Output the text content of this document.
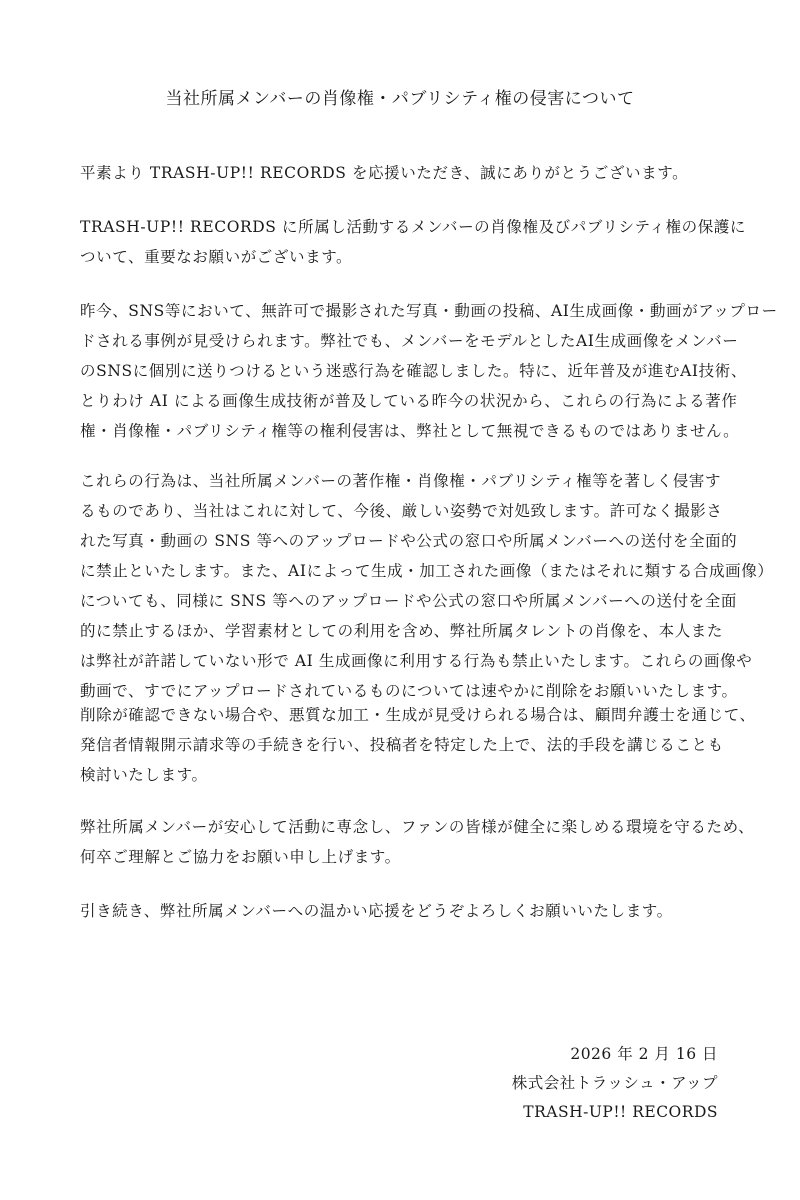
当社所属メンバーの肖像権・パブリシティ権の侵害について

平素より TRASH-UP!! RECORDS を応援いただき、誠にありがとうございます。

TRASH-UP!! RECORDS に所属し活動するメンバーの肖像権及びパブリシティ権の保護に
ついて、重要なお願いがございます。

昨今、SNS等において、無許可で撮影された写真・動画の投稿、AI生成画像・動画がアップロー
ドされる事例が見受けられます。弊社でも、メンバーをモデルとしたAI生成画像をメンバー
のSNSに個別に送りつけるという迷惑行為を確認しました。特に、近年普及が進むAI技術、
とりわけ AI による画像生成技術が普及している昨今の状況から、これらの行為による著作
権・肖像権・パブリシティ権等の権利侵害は、弊社として無視できるものではありません。

これらの行為は、当社所属メンバーの著作権・肖像権・パブリシティ権等を著しく侵害す
るものであり、当社はこれに対して、今後、厳しい姿勢で対処致します。許可なく撮影さ
れた写真・動画の SNS 等へのアップロードや公式の窓口や所属メンバーへの送付を全面的
に禁止といたします。また、AIによって生成・加工された画像（またはそれに類する合成画像）
についても、同様に SNS 等へのアップロードや公式の窓口や所属メンバーへの送付を全面
的に禁止するほか、学習素材としての利用を含め、弊社所属タレントの肖像を、本人また
は弊社が許諾していない形で AI 生成画像に利用する行為も禁止いたします。これらの画像や
動画で、すでにアップロードされているものについては速やかに削除をお願いいたします。

削除が確認できない場合や、悪質な加工・生成が見受けられる場合は、顧問弁護士を通じて、
発信者情報開示請求等の手続きを行い、投稿者を特定した上で、法的手段を講じることも
検討いたします。

弊社所属メンバーが安心して活動に専念し、ファンの皆様が健全に楽しめる環境を守るため、
何卒ご理解とご協力をお願い申し上げます。

引き続き、弊社所属メンバーへの温かい応援をどうぞよろしくお願いいたします。

2026 年 2 月 16 日
株式会社トラッシュ・アップ
TRASH-UP!! RECORDS
